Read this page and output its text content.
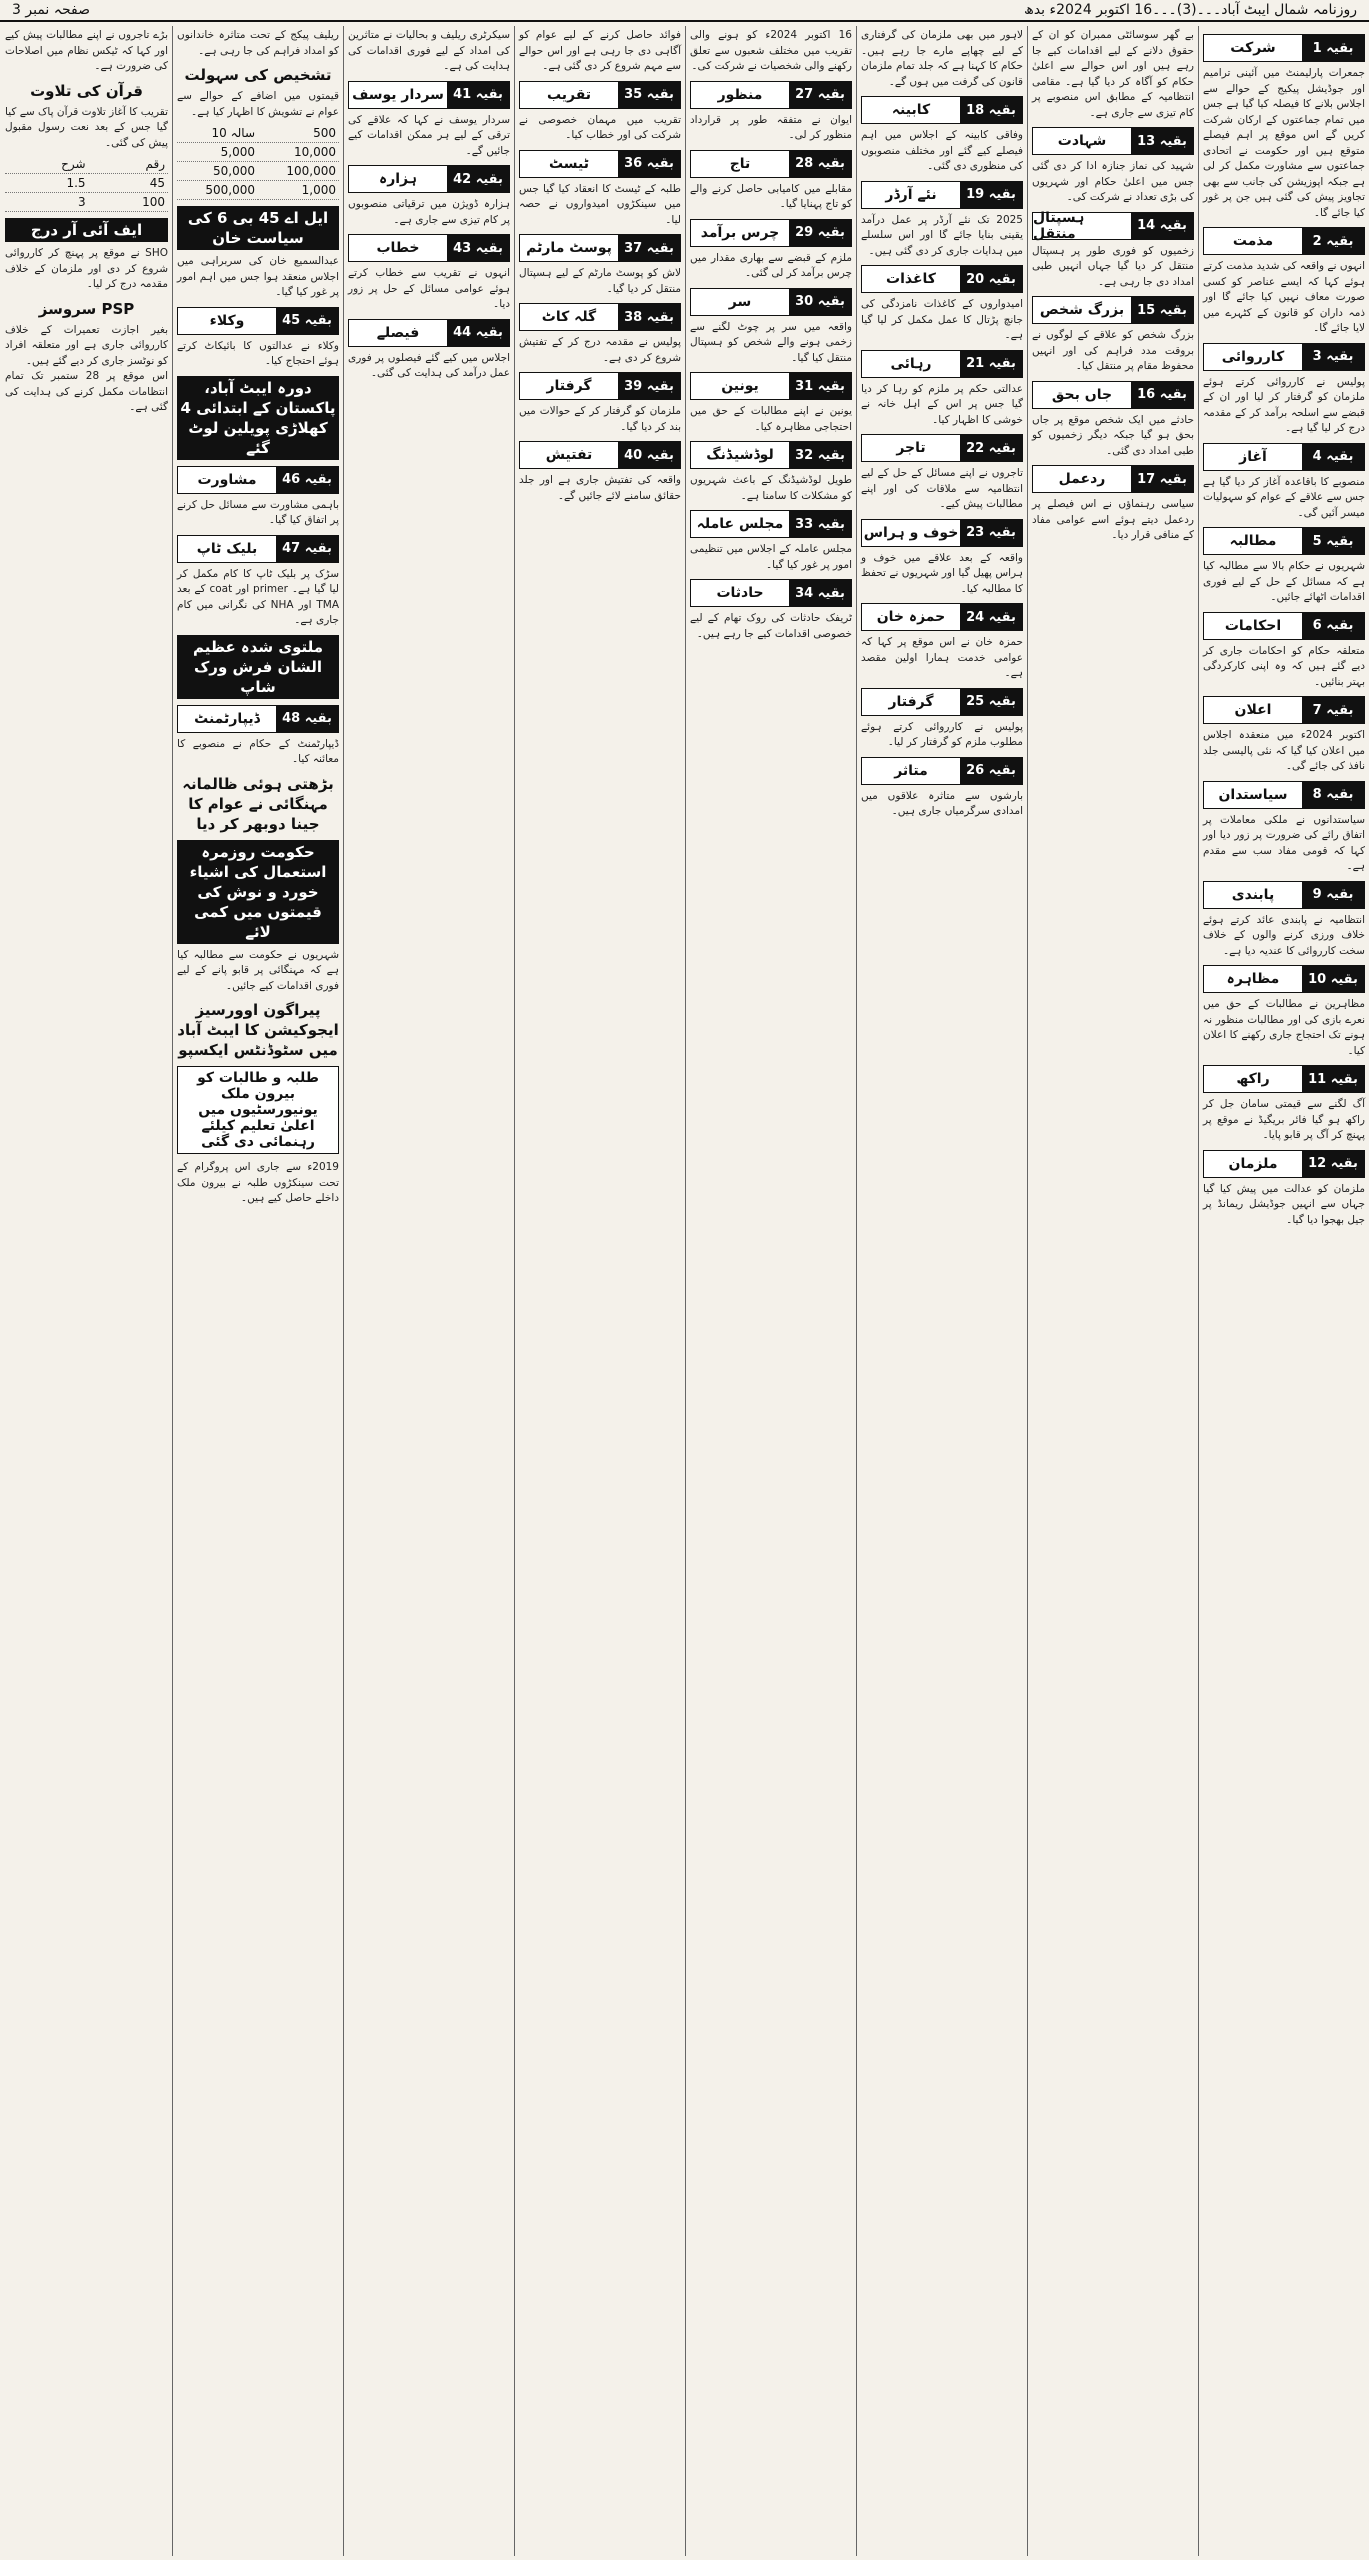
صفحہ نمبر 3	روزنامہ شمال ایبٹ آباد۔۔۔(3)۔۔۔16 اکتوبر 2024ء بدھ
شرکت	بقیہ 1
جمعرات پارلیمنٹ میں آئینی ترامیم اور جوڈیشل پیکیج کے حوالے سے اجلاس بلانے کا فیصلہ کیا گیا ہے جس میں تمام جماعتوں کے ارکان شرکت کریں گے اس موقع پر اہم فیصلے متوقع ہیں اور حکومت نے اتحادی جماعتوں سے مشاورت مکمل کر لی ہے جبکہ اپوزیشن کی جانب سے بھی تجاویز پیش کی گئی ہیں جن پر غور کیا جائے گا۔
مذمت	بقیہ 2
انہوں نے واقعہ کی شدید مذمت کرتے ہوئے کہا کہ ایسے عناصر کو کسی صورت معاف نہیں کیا جائے گا اور ذمہ داران کو قانون کے کٹہرے میں لایا جائے گا۔
کارروائی	بقیہ 3
پولیس نے کارروائی کرتے ہوئے ملزمان کو گرفتار کر لیا اور ان کے قبضے سے اسلحہ برآمد کر کے مقدمہ درج کر لیا گیا ہے۔
آغاز	بقیہ 4
منصوبے کا باقاعدہ آغاز کر دیا گیا ہے جس سے علاقے کے عوام کو سہولیات میسر آئیں گی۔
مطالبہ	بقیہ 5
شہریوں نے حکام بالا سے مطالبہ کیا ہے کہ مسائل کے حل کے لیے فوری اقدامات اٹھائے جائیں۔
احکامات	بقیہ 6
متعلقہ حکام کو احکامات جاری کر دیے گئے ہیں کہ وہ اپنی کارکردگی بہتر بنائیں۔
اعلان	بقیہ 7
اکتوبر 2024ء میں منعقدہ اجلاس میں اعلان کیا گیا کہ نئی پالیسی جلد نافذ کی جائے گی۔
سیاستدان	بقیہ 8
سیاستدانوں نے ملکی معاملات پر اتفاق رائے کی ضرورت پر زور دیا اور کہا کہ قومی مفاد سب سے مقدم ہے۔
پابندی	بقیہ 9
انتظامیہ نے پابندی عائد کرتے ہوئے خلاف ورزی کرنے والوں کے خلاف سخت کارروائی کا عندیہ دیا ہے۔
مظاہرہ	بقیہ 10
مظاہرین نے مطالبات کے حق میں نعرے بازی کی اور مطالبات منظور نہ ہونے تک احتجاج جاری رکھنے کا اعلان کیا۔
راکھ	بقیہ 11
آگ لگنے سے قیمتی سامان جل کر راکھ ہو گیا فائر بریگیڈ نے موقع پر پہنچ کر آگ پر قابو پایا۔
ملزمان	بقیہ 12
ملزمان کو عدالت میں پیش کیا گیا جہاں سے انہیں جوڈیشل ریمانڈ پر جیل بھجوا دیا گیا۔
بے گھر سوسائٹی ممبران کو ان کے حقوق دلانے کے لیے اقدامات کیے جا رہے ہیں اور اس حوالے سے اعلیٰ حکام کو آگاہ کر دیا گیا ہے۔ مقامی انتظامیہ کے مطابق اس منصوبے پر کام تیزی سے جاری ہے۔
شہادت	بقیہ 13
شہید کی نماز جنازہ ادا کر دی گئی جس میں اعلیٰ حکام اور شہریوں کی بڑی تعداد نے شرکت کی۔
ہسپتال منتقل	بقیہ 14
زخمیوں کو فوری طور پر ہسپتال منتقل کر دیا گیا جہاں انہیں طبی امداد دی جا رہی ہے۔
بزرگ شخص	بقیہ 15
بزرگ شخص کو علاقے کے لوگوں نے بروقت مدد فراہم کی اور انہیں محفوظ مقام پر منتقل کیا۔
جاں بحق	بقیہ 16
حادثے میں ایک شخص موقع پر جاں بحق ہو گیا جبکہ دیگر زخمیوں کو طبی امداد دی گئی۔
ردعمل	بقیہ 17
سیاسی رہنماؤں نے اس فیصلے پر ردعمل دیتے ہوئے اسے عوامی مفاد کے منافی قرار دیا۔
لاہور میں بھی ملزمان کی گرفتاری کے لیے چھاپے مارے جا رہے ہیں۔ حکام کا کہنا ہے کہ جلد تمام ملزمان قانون کی گرفت میں ہوں گے۔
کابینہ	بقیہ 18
وفاقی کابینہ کے اجلاس میں اہم فیصلے کیے گئے اور مختلف منصوبوں کی منظوری دی گئی۔
نئے آرڈر	بقیہ 19
2025 تک نئے آرڈر پر عمل درآمد یقینی بنایا جائے گا اور اس سلسلے میں ہدایات جاری کر دی گئی ہیں۔
کاغذات	بقیہ 20
امیدواروں کے کاغذات نامزدگی کی جانچ پڑتال کا عمل مکمل کر لیا گیا ہے۔
رہائی	بقیہ 21
عدالتی حکم پر ملزم کو رہا کر دیا گیا جس پر اس کے اہل خانہ نے خوشی کا اظہار کیا۔
تاجر	بقیہ 22
تاجروں نے اپنے مسائل کے حل کے لیے انتظامیہ سے ملاقات کی اور اپنے مطالبات پیش کیے۔
خوف و ہراس بقیہ 23
واقعہ کے بعد علاقے میں خوف و ہراس پھیل گیا اور شہریوں نے تحفظ کا مطالبہ کیا۔
حمزہ خان	بقیہ 24
حمزہ خان نے اس موقع پر کہا کہ عوامی خدمت ہمارا اولین مقصد ہے۔
گرفتار	بقیہ 25
پولیس نے کارروائی کرتے ہوئے مطلوب ملزم کو گرفتار کر لیا۔
متاثر	بقیہ 26
بارشوں سے متاثرہ علاقوں میں امدادی سرگرمیاں جاری ہیں۔
16 اکتوبر 2024ء کو ہونے والی تقریب میں مختلف شعبوں سے تعلق رکھنے والی شخصیات نے شرکت کی۔
منظور	بقیہ 27
ایوان نے متفقہ طور پر قرارداد منظور کر لی۔
تاج	بقیہ 28
مقابلے میں کامیابی حاصل کرنے والے کو تاج پہنایا گیا۔
چرس برآمد	بقیہ 29
ملزم کے قبضے سے بھاری مقدار میں چرس برآمد کر لی گئی۔
سر	بقیہ 30
واقعہ میں سر پر چوٹ لگنے سے زخمی ہونے والے شخص کو ہسپتال منتقل کیا گیا۔
یونین	بقیہ 31
یونین نے اپنے مطالبات کے حق میں احتجاجی مظاہرہ کیا۔
لوڈشیڈنگ	بقیہ 32
طویل لوڈشیڈنگ کے باعث شہریوں کو مشکلات کا سامنا ہے۔
مجلس عاملہ بقیہ 33
مجلس عاملہ کے اجلاس میں تنظیمی امور پر غور کیا گیا۔
حادثات	بقیہ 34
ٹریفک حادثات کی روک تھام کے لیے خصوصی اقدامات کیے جا رہے ہیں۔
فوائد حاصل کرنے کے لیے عوام کو آگاہی دی جا رہی ہے اور اس حوالے سے مہم شروع کر دی گئی ہے۔
تقریب	بقیہ 35
تقریب میں مہمان خصوصی نے شرکت کی اور خطاب کیا۔
ٹیسٹ	بقیہ 36
طلبہ کے ٹیسٹ کا انعقاد کیا گیا جس میں سینکڑوں امیدواروں نے حصہ لیا۔
پوسٹ مارٹم بقیہ 37
لاش کو پوسٹ مارٹم کے لیے ہسپتال منتقل کر دیا گیا۔
گلہ کاٹ	بقیہ 38
پولیس نے مقدمہ درج کر کے تفتیش شروع کر دی ہے۔
گرفتار	بقیہ 39
ملزمان کو گرفتار کر کے حوالات میں بند کر دیا گیا۔
تفتیش	بقیہ 40
واقعہ کی تفتیش جاری ہے اور جلد حقائق سامنے لائے جائیں گے۔
سیکرٹری ریلیف و بحالیات نے متاثرین کی امداد کے لیے فوری اقدامات کی ہدایت کی ہے۔
سردار یوسف بقیہ 41
سردار یوسف نے کہا کہ علاقے کی ترقی کے لیے ہر ممکن اقدامات کیے جائیں گے۔
ہزارہ	بقیہ 42
ہزارہ ڈویژن میں ترقیاتی منصوبوں پر کام تیزی سے جاری ہے۔
خطاب	بقیہ 43
انہوں نے تقریب سے خطاب کرتے ہوئے عوامی مسائل کے حل پر زور دیا۔
فیصلے	بقیہ 44
اجلاس میں کیے گئے فیصلوں پر فوری عمل درآمد کی ہدایت کی گئی۔
ریلیف پیکج کے تحت متاثرہ خاندانوں کو امداد فراہم کی جا رہی ہے۔
تشخیص کی سہولت
قیمتوں میں اضافے کے حوالے سے عوام نے تشویش کا اظہار کیا ہے۔
10 سالہ	500
5,000	10,000
50,000	100,000
500,000	1,000
ایل اے 45 بی 6 کی سیاست خان
عبدالسمیع خان کی سربراہی میں اجلاس منعقد ہوا جس میں اہم امور پر غور کیا گیا۔
وکلاء	بقیہ 45
وکلاء نے عدالتوں کا بائیکاٹ کرتے ہوئے احتجاج کیا۔
دورہ ایبٹ آباد، پاکستان کے ابتدائی 4 کھلاڑی پویلین لوٹ گئے
مشاورت	بقیہ 46
باہمی مشاورت سے مسائل حل کرنے پر اتفاق کیا گیا۔
بلیک ٹاپ	بقیہ 47
سڑک پر بلیک ٹاپ کا کام مکمل کر لیا گیا ہے۔ primer اور coat کے بعد TMA اور NHA کی نگرانی میں کام جاری ہے۔
ملتوی شدہ عظیم الشان فرش ورک شاپ
ڈیپارٹمنٹ	بقیہ 48
ڈیپارٹمنٹ کے حکام نے منصوبے کا معائنہ کیا۔
بڑھتی ہوئی ظالمانہ مہنگائی نے عوام کا جینا دوبھر کر دیا
حکومت روزمرہ استعمال کی اشیاء خورد و نوش کی قیمتوں میں کمی لائے
شہریوں نے حکومت سے مطالبہ کیا ہے کہ مہنگائی پر قابو پانے کے لیے فوری اقدامات کیے جائیں۔
پیراگون اوورسیز ایجوکیشن کا ایبٹ آباد میں سٹوڈنٹس ایکسپو
طلبہ و طالبات کو بیرون ملک یونیورسٹیوں میں اعلیٰ تعلیم کیلئے رہنمائی دی گئی
2019ء سے جاری اس پروگرام کے تحت سینکڑوں طلبہ نے بیرون ملک داخلے حاصل کیے ہیں۔
بڑے تاجروں نے اپنے مطالبات پیش کیے اور کہا کہ ٹیکس نظام میں اصلاحات کی ضرورت ہے۔
قرآن کی تلاوت
تقریب کا آغاز تلاوت قرآن پاک سے کیا گیا جس کے بعد نعت رسول مقبول پیش کی گئی۔
شرح	رقم
1.5	45
3	100
ایف آئی آر درج
SHO نے موقع پر پہنچ کر کارروائی شروع کر دی اور ملزمان کے خلاف مقدمہ درج کر لیا۔
PSP سروسز
بغیر اجازت تعمیرات کے خلاف کارروائی جاری ہے اور متعلقہ افراد کو نوٹسز جاری کر دیے گئے ہیں۔
اس موقع پر 28 ستمبر تک تمام انتظامات مکمل کرنے کی ہدایت کی گئی ہے۔
